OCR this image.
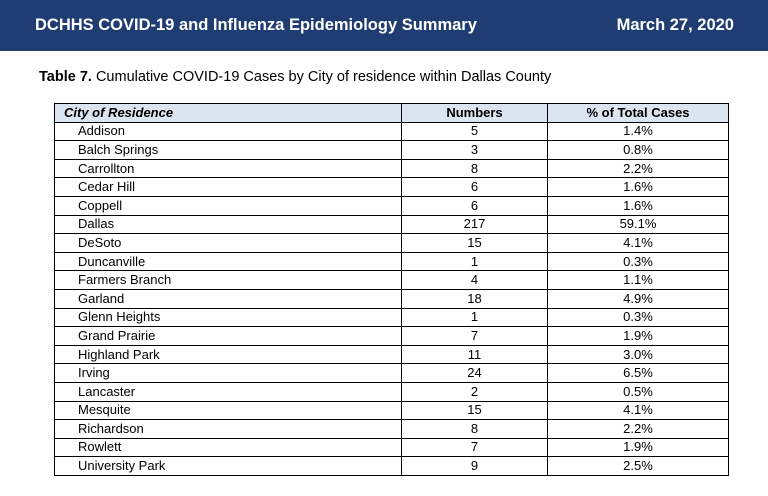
DCHHS COVID-19 and Influenza Epidemiology Summary	March 27, 2020
Table 7. Cumulative COVID-19 Cases by City of residence within Dallas County
City of Residence	Numbers	% of Total Cases
Addison	5	1.4%
Balch Springs	3	0.8%
Carrollton	8	2.2%
Cedar Hill	6	1.6%
Coppell	6	1.6%
Dallas	217	59.1%
DeSoto	15	4.1%
Duncanville	1	0.3%
Farmers Branch	4	1.1%
Garland	18	4.9%
Glenn Heights	1	0.3%
Grand Prairie	7	1.9%
Highland Park	11	3.0%
Irving	24	6.5%
Lancaster	2	0.5%
Mesquite	15	4.1%
Richardson	8	2.2%
Rowlett	7	1.9%
University Park	9	2.5%
